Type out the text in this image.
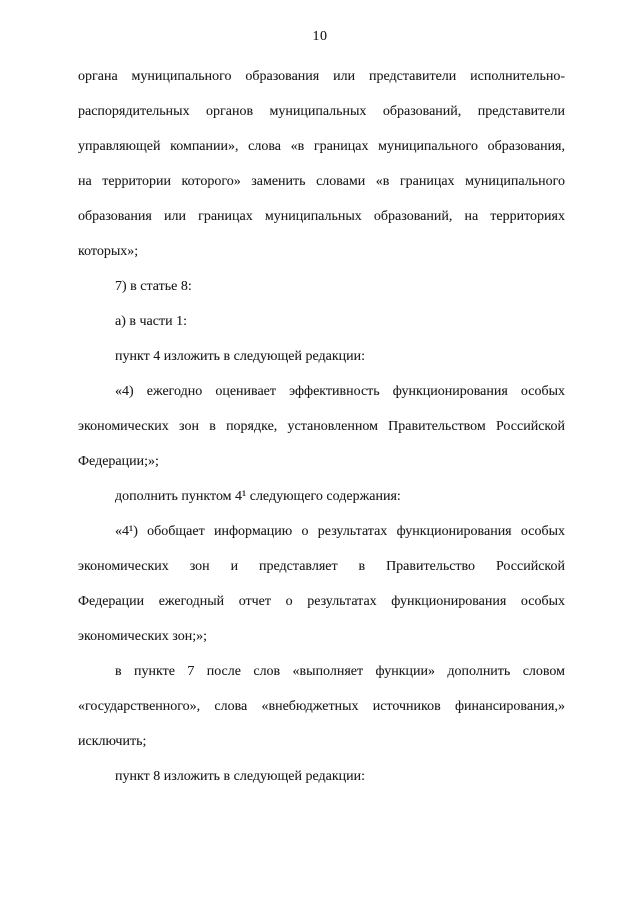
10
органа муниципального образования или представители исполнительно-
распорядительных органов муниципальных образований, представители
управляющей компании», слова «в границах муниципального образования,
на территории которого» заменить словами «в границах муниципального
образования или границах муниципальных образований, на территориях
которых»;
7) в статье 8:
а) в части 1:
пункт 4 изложить в следующей редакции:
«4) ежегодно оценивает эффективность функционирования особых
экономических зон в порядке, установленном Правительством Российской
Федерации;»;
дополнить пунктом 4¹ следующего содержания:
«4¹) обобщает информацию о результатах функционирования особых
экономических зон и представляет в Правительство Российской
Федерации ежегодный отчет о результатах функционирования особых
экономических зон;»;
в пункте 7 после слов «выполняет функции» дополнить словом
«государственного», слова «внебюджетных источников финансирования,»
исключить;
пункт 8 изложить в следующей редакции:
